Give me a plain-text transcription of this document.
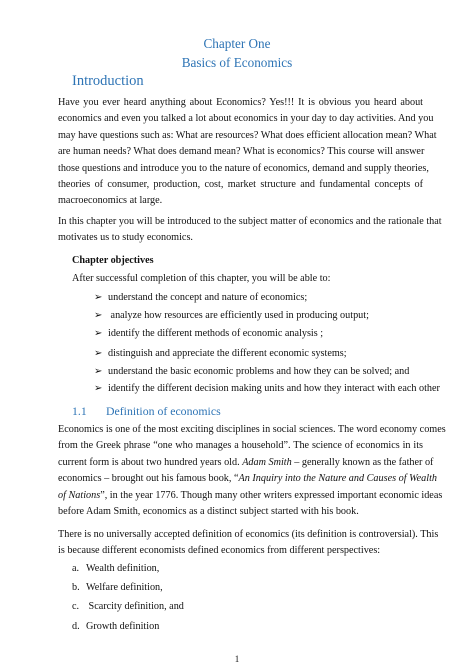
Chapter One
Basics of Economics
Introduction
Have you ever heard anything about Economics? Yes!!! It is obvious you heard about
economics and even you talked a lot about economics in your day to day activities. And you
may have questions such as: What are resources? What does efficient allocation mean? What
are human needs? What does demand mean? What is economics? This course will answer
those questions and introduce you to the nature of economics, demand and supply theories,
theories of consumer, production, cost, market structure and fundamental concepts of
macroeconomics at large.
In this chapter you will be introduced to the subject matter of economics and the rationale that
motivates us to study economics.
Chapter objectives
After successful completion of this chapter, you will be able to:
➢ understand the concept and nature of economics;
➢ analyze how resources are efficiently used in producing output;
➢ identify the different methods of economic analysis ;
➢ distinguish and appreciate the different economic systems;
➢ understand the basic economic problems and how they can be solved; and
➢ identify the different decision making units and how they interact with each other
1.1 Definition of economics
Economics is one of the most exciting disciplines in social sciences. The word economy comes
from the Greek phrase “one who manages a household”. The science of economics in its
current form is about two hundred years old. Adam Smith – generally known as the father of
economics – brought out his famous book, “An Inquiry into the Nature and Causes of Wealth
of Nations”, in the year 1776. Though many other writers expressed important economic ideas
before Adam Smith, economics as a distinct subject started with his book.
There is no universally accepted definition of economics (its definition is controversial). This
is because different economists defined economics from different perspectives:
a. Wealth definition,
b. Welfare definition,
c. Scarcity definition, and
d. Growth definition
1
